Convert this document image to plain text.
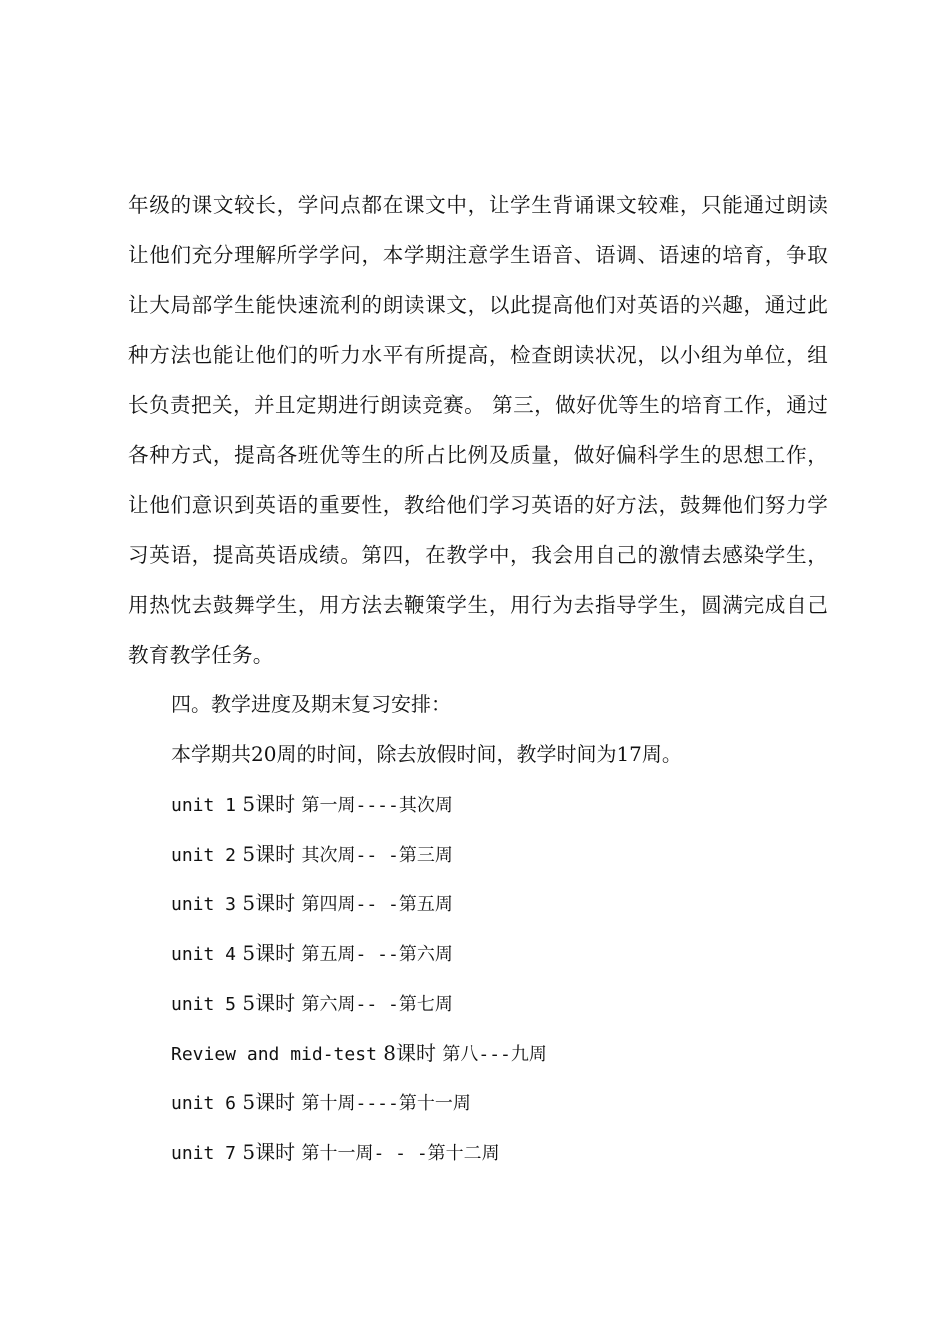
年级的课文较长，学问点都在课文中，让学生背诵课文较难，只能通过朗读让他们充分理解所学学问，本学期注意学生语音、语调、语速的培育，争取让大局部学生能快速流利的朗读课文，以此提高他们对英语的兴趣，通过此种方法也能让他们的听力水平有所提高，检查朗读状况，以小组为单位，组长负责把关，并且定期进行朗读竞赛。 第三，做好优等生的培育工作，通过各种方式，提高各班优等生的所占比例及质量，做好偏科学生的思想工作，让他们意识到英语的重要性，教给他们学习英语的好方法，鼓舞他们努力学习英语，提高英语成绩。第四，在教学中，我会用自己的激情去感染学生，用热忱去鼓舞学生，用方法去鞭策学生，用行为去指导学生，圆满完成自己教育教学任务。

四。教学进度及期末复习安排：

本学期共20周的时间，除去放假时间，教学时间为17周。

unit 1 5课时 第一周----其次周

unit 2 5课时 其次周-- -第三周

unit 3 5课时 第四周-- -第五周

unit 4 5课时 第五周- --第六周

unit 5 5课时 第六周-- -第七周

Review and mid-test 8课时 第八---九周

unit 6 5课时 第十周----第十一周

unit 7 5课时 第十一周- - -第十二周
